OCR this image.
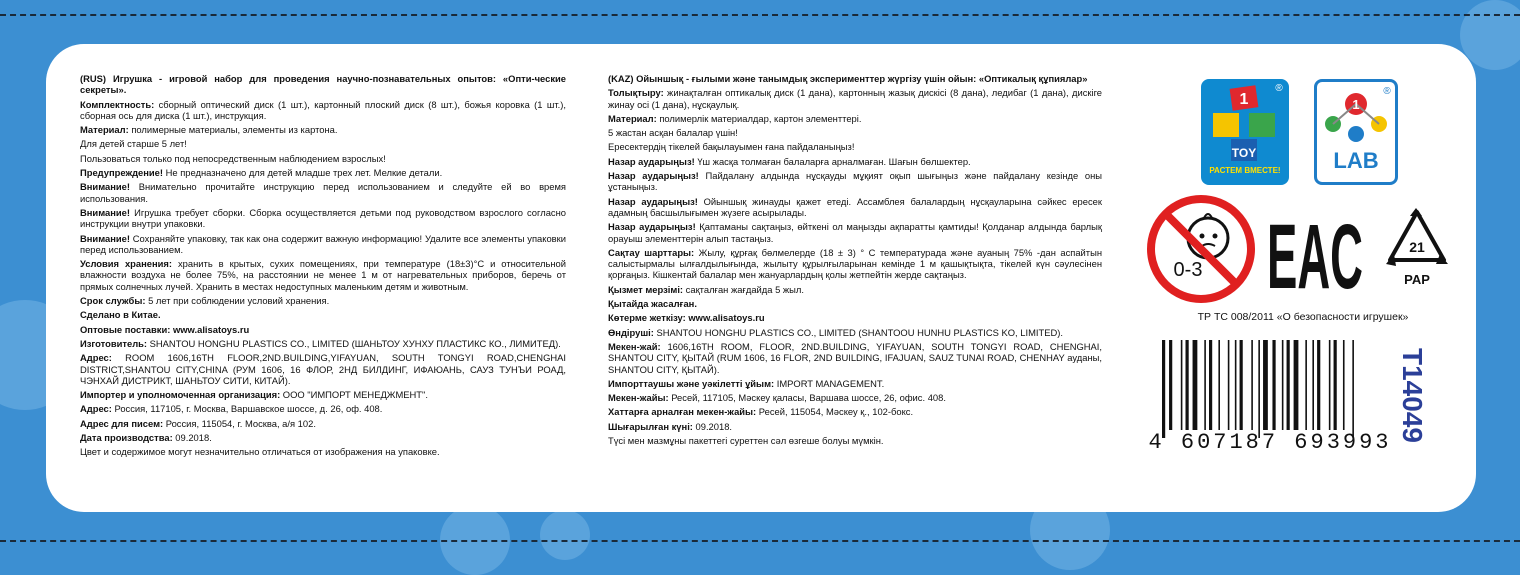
(RUS) Игрушка - игровой набор для проведения научно-познавательных опытов: «Опти-ческие секреты».

Комплектность: сборный оптический диск (1 шт.), картонный плоский диск (8 шт.), божья коровка (1 шт.), сборная ось для диска (1 шт.), инструкция.

Материал: полимерные материалы, элементы из картона.

Для детей старше 5 лет!

Пользоваться только под непосредственным наблюдением взрослых!

Предупреждение! Не предназначено для детей младше трех лет. Мелкие детали.

Внимание! Внимательно прочитайте инструкцию перед использованием и следуйте ей во время использования.

Внимание! Игрушка требует сборки. Сборка осуществляется детьми под руководством взрослого согласно инструкции внутри упаковки.

Внимание! Сохраняйте упаковку, так как она содержит важную информацию! Удалите все элементы упаковки перед использованием.

Условия хранения: хранить в крытых, сухих помещениях, при температуре (18±3)°С и относительной влажности воздуха не более 75%, на расстоянии не менее 1 м от нагревательных приборов, беречь от прямых солнечных лучей. Хранить в местах недоступных маленьким детям и животным.

Срок службы: 5 лет при соблюдении условий хранения.

Сделано в Китае.

Оптовые поставки: www.alisatoys.ru

Изготовитель: SHANTOU HONGHU PLASTICS CO., LIMITED (ШАНЬТОУ ХУНХУ ПЛАСТИКС КО., ЛИМИТЕД).

Адрес: ROOM 1606,16TH FLOOR,2ND.BUILDING,YIFAYUAN, SOUTH TONGYI ROAD,CHENGHAI DISTRICT,SHANTOU CITY,CHINA (РУМ 1606, 16 ФЛОР, 2НД БИЛДИНГ, ИФАЮАНЬ, САУЗ ТУНЪИ РОАД, ЧЭНХАЙ ДИСТРИКТ, ШАНЬТОУ СИТИ, КИТАЙ).

Импортер и уполномоченная организация: ООО "ИМПОРТ МЕНЕДЖМЕНТ".

Адрес: Россия, 117105, г. Москва, Варшавское шоссе, д. 26, оф. 408.

Адрес для писем: Россия, 115054, г. Москва, а/я 102.

Дата производства: 09.2018.

Цвет и содержимое могут незначительно отличаться от изображения на упаковке.

(KAZ) Ойыншық - ғылыми және танымдық эксперименттер жүргізу үшін ойын: «Оптикалық құпиялар»

Толықтыру: жинақталған оптикалық диск (1 дана), картонның жазық дискісі (8 дана), ледибаг (1 дана), дискіге жинау осі (1 дана), нұсқаулық.

Материал: полимерлік материалдар, картон элементтері.

5 жастан асқан балалар үшін!

Ересектердің тікелей бақылауымен ғана пайдаланыңыз!

Назар аударыңыз! Үш жасқа толмаған балаларға арналмаған. Шағын бөлшектер.

Назар аударыңыз! Пайдалану алдында нұсқауды мұқият оқып шығыңыз және пайдалану кезінде оны ұстаныңыз.

Назар аударыңыз! Ойыншық жинауды қажет етеді. Ассамблея балалардың нұсқауларына сәйкес ересек адамның басшылығымен жүзеге асырылады.

Назар аударыңыз! Қаптаманы сақтаңыз, өйткені ол маңызды ақпаратты қамтиды! Қолданар алдында барлық орауыш элементтерін алып тастаңыз.

Сақтау шарттары: Жылу, құрғақ бөлмелерде (18 ± 3) ° С температурада және ауаның 75% -дан аспайтын салыстырмалы ылғалдылығында, жылыту құрылғыларынан кемінде 1 м қашықтықта, тікелей күн сәулесінен қорғаңыз. Кішкентай балалар мен жануарлардың қолы жетпейтін жерде сақтаңыз.

Қызмет мерзімі: сақталған жағдайда 5 жыл.

Қытайда жасалған.

Көтерме жеткізу: www.alisatoys.ru

Өндіруші: SHANTOU HONGHU PLASTICS CO., LIMITED (SHANTOOU HUNHU PLASTICS KO, LIMITED).

Мекен-жай: 1606,16TH ROOM, FLOOR, 2ND.BUILDING, YIFAYUAN, SOUTH TONGYI ROAD, CHENGHAI, SHANTOU CITY, ҚЫТАЙ (RUM 1606, 16 FLOR, 2ND BUILDING, IFAJUAN, SAUZ TUNAI ROAD, CHENHAY ауданы, SHANTOU CITY, ҚЫТАЙ).

Импорттаушы және уәкілетті ұйым: IMPORT MANAGEMENT.

Мекен-жайы: Ресей, 117105, Мәскеу қаласы, Варшава шоссе, 26, офис. 408.

Хаттарға арналған мекен-жайы: Ресей, 115054, Мәскеу қ., 102-бокс.

Шығарылған күні: 09.2018.

Түсі мен мазмұны пакеттегі суреттен сәл өзгеше болуы мүмкін.

1
TOY
®
РАСТЕМ ВМЕСТЕ!
1
®
LAB
0-3 EAC	21
PAP
ТР ТС 008/2011 «О безопасности игрушек»
4 607187 693993 T14049
